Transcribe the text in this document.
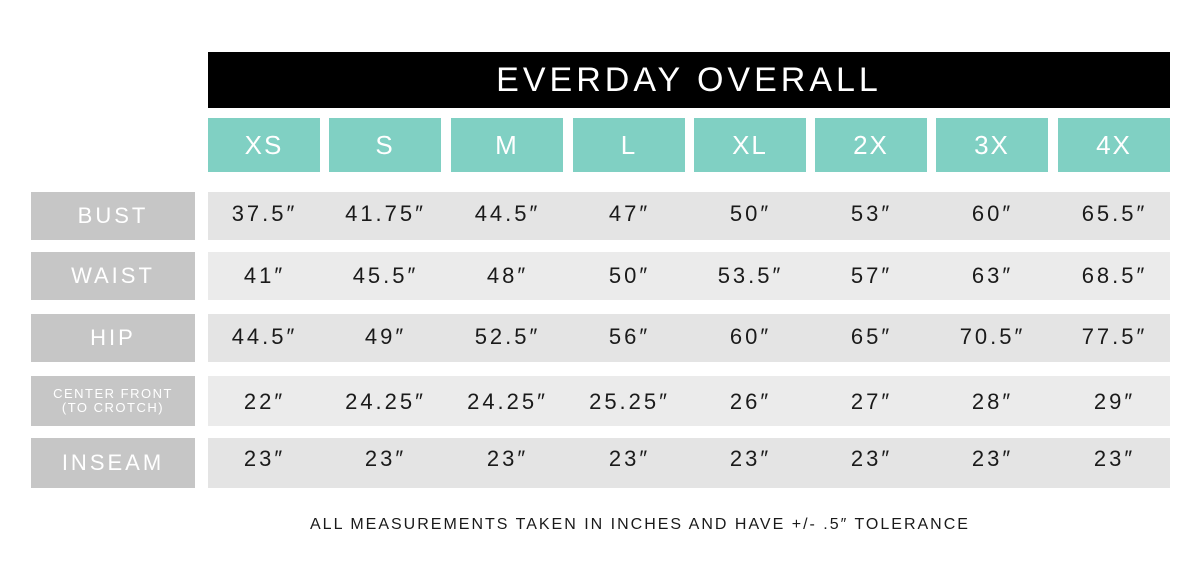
EVERDAY OVERALL
XS	S	M	L	XL	2X	3X	4X
BUST	37.5″	41.75″	44.5″	47″	50″	53″	60″	65.5″
WAIST	41″	45.5″	48″	50″	53.5″	57″	63″	68.5″
HIP	44.5″	49″	52.5″	56″	60″	65″	70.5″	77.5″
CENTER FRONT
(TO CROTCH)	22″	24.25″	24.25″	25.25″	26″	27″	28″	29″
INSEAM	23″	23″	23″	23″	23″	23″	23″	23″
ALL MEASUREMENTS TAKEN IN INCHES AND HAVE +/- .5″ TOLERANCE
